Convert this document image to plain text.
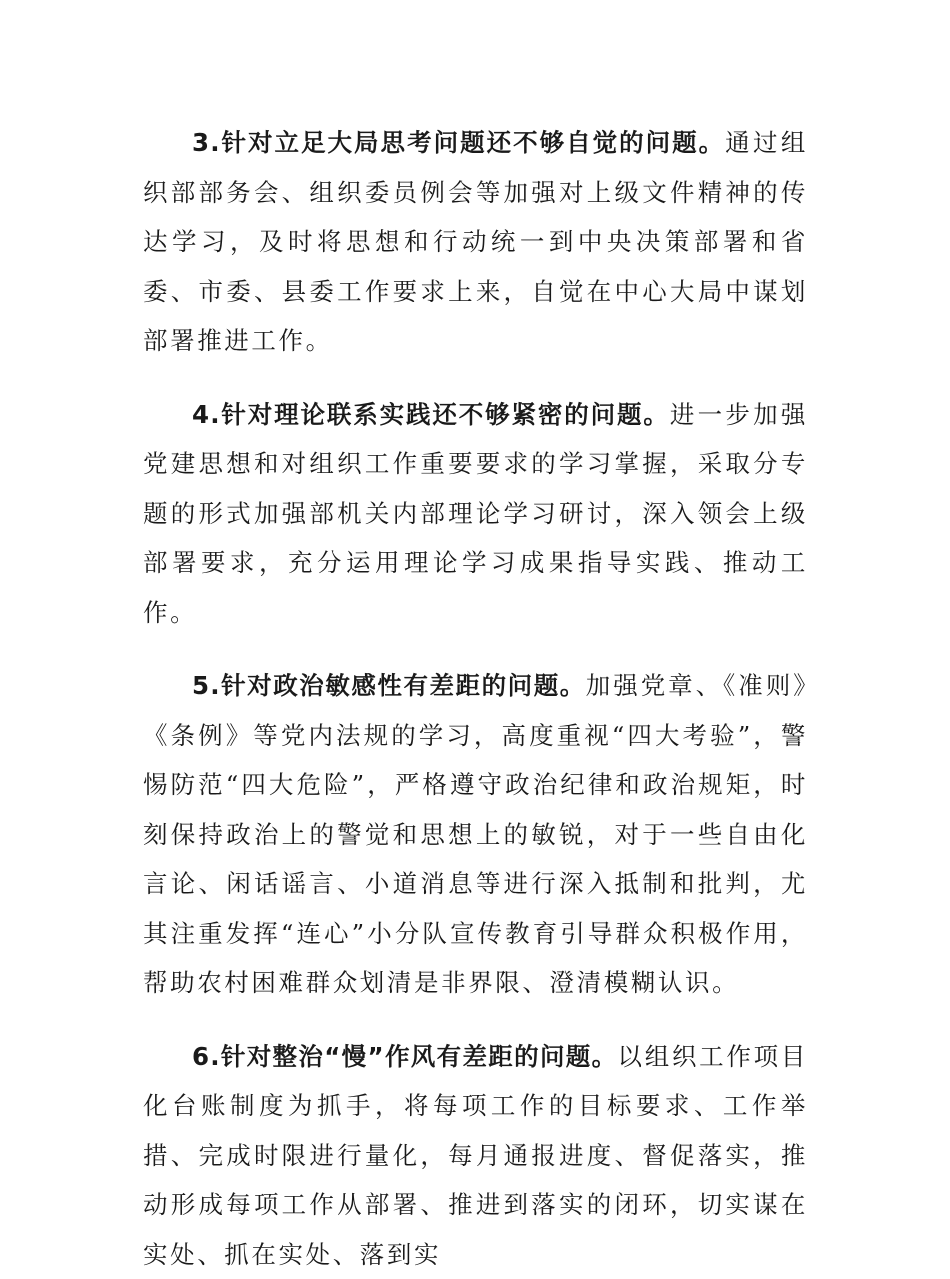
3.针对立足大局思考问题还不够自觉的问题。通过组织部部务会、组织委员例会等加强对上级文件精神的传达学习，及时将思想和行动统一到中央决策部署和省委、市委、县委工作要求上来，自觉在中心大局中谋划部署推进工作。

4.针对理论联系实践还不够紧密的问题。进一步加强党建思想和对组织工作重要要求的学习掌握，采取分专题的形式加强部机关内部理论学习研讨，深入领会上级部署要求，充分运用理论学习成果指导实践、推动工作。

5.针对政治敏感性有差距的问题。加强党章、《准则》《条例》等党内法规的学习，高度重视“四大考验”，警惕防范“四大危险”，严格遵守政治纪律和政治规矩，时刻保持政治上的警觉和思想上的敏锐，对于一些自由化言论、闲话谣言、小道消息等进行深入抵制和批判，尤其注重发挥“连心”小分队宣传教育引导群众积极作用，帮助农村困难群众划清是非界限、澄清模糊认识。

6.针对整治“慢”作风有差距的问题。以组织工作项目化台账制度为抓手，将每项工作的目标要求、工作举措、完成时限进行量化，每月通报进度、督促落实，推动形成每项工作从部署、推进到落实的闭环，切实谋在实处、抓在实处、落到实
